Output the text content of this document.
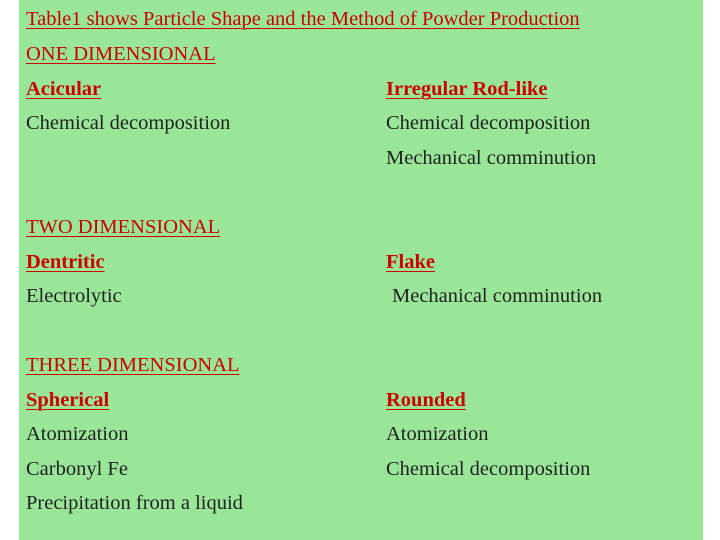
Table1 shows Particle Shape and the Method of Powder Production
ONE DIMENSIONAL
Acicular
Chemical decomposition
Irregular Rod-like
Chemical decomposition
Mechanical comminution
TWO DIMENSIONAL
Dentritic
Electrolytic
Flake
Mechanical comminution
THREE DIMENSIONAL
Spherical
Atomization
Carbonyl Fe
Precipitation from a liquid
Rounded
Atomization
Chemical decomposition
